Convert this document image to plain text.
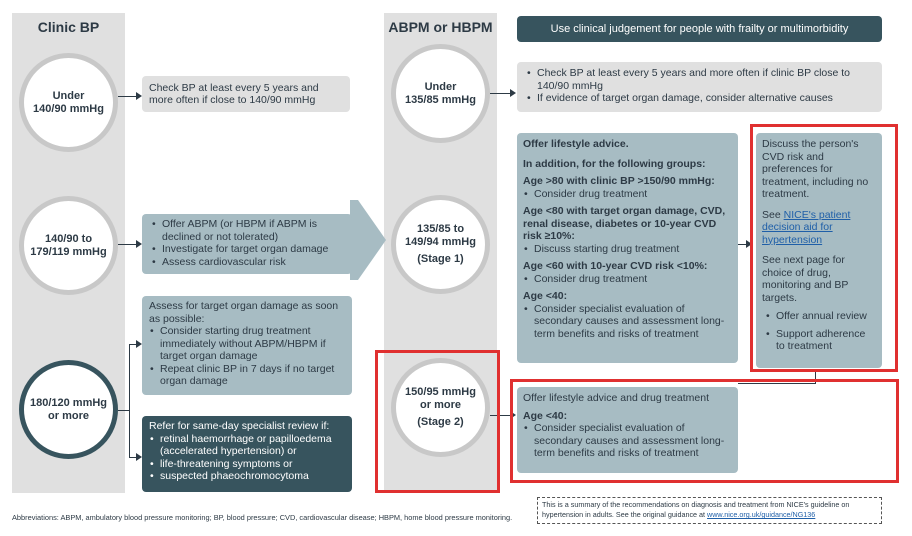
Clinic BP	ABPM or HBPM	Use clinical judgement for people with frailty or multimorbidity
Under
140/90 mmHg
140/90 to
179/119 mmHg
180/120 mmHg
or more
Under
135/85 mmHg
135/85 to
149/94 mmHg
(Stage 1)
150/95 mmHg
or more
(Stage 2)
Check BP at least every 5 years and more often if close to 140/90 mmHg
• Offer ABPM (or HBPM if ABPM is declined or not tolerated)
• Investigate for target organ damage
• Assess cardiovascular risk

Assess for target organ damage as soon as possible:

• Consider starting drug treatment immediately without ABPM/HBPM if target organ damage
• Repeat clinic BP in 7 days if no target organ damage

Refer for same-day specialist review if:

• retinal haemorrhage or papilloedema (accelerated hypertension) or
• life-threatening symptoms or
• suspected phaeochromocytoma
• Check BP at least every 5 years and more often if clinic BP close to 140/90 mmHg
• If evidence of target organ damage, consider alternative causes

Offer lifestyle advice.

In addition, for the following groups:

Age >80 with clinic BP >150/90 mmHg:

• Consider drug treatment

Age <80 with target organ damage, CVD, renal disease, diabetes or 10-year CVD risk ≥10%:

• Discuss starting drug treatment

Age <60 with 10-year CVD risk <10%:

• Consider drug treatment

Age <40:

• Consider specialist evaluation of secondary causes and assessment long-term benefits and risks of treatment

Offer lifestyle advice and drug treatment

Age <40:

• Consider specialist evaluation of secondary causes and assessment long-term benefits and risks of treatment

Discuss the person's CVD risk and preferences for treatment, including no treatment.

See NICE's patient decision aid for hypertension

See next page for choice of drug, monitoring and BP targets.

• Offer annual review
• Support adherence to treatment
Abbreviations: ABPM, ambulatory blood pressure monitoring; BP, blood pressure; CVD, cardiovascular disease; HBPM, home blood pressure monitoring.
This is a summary of the recommendations on diagnosis and treatment from NICE's guideline on hypertension in adults. See the original guidance at www.nice.org.uk/guidance/NG136
